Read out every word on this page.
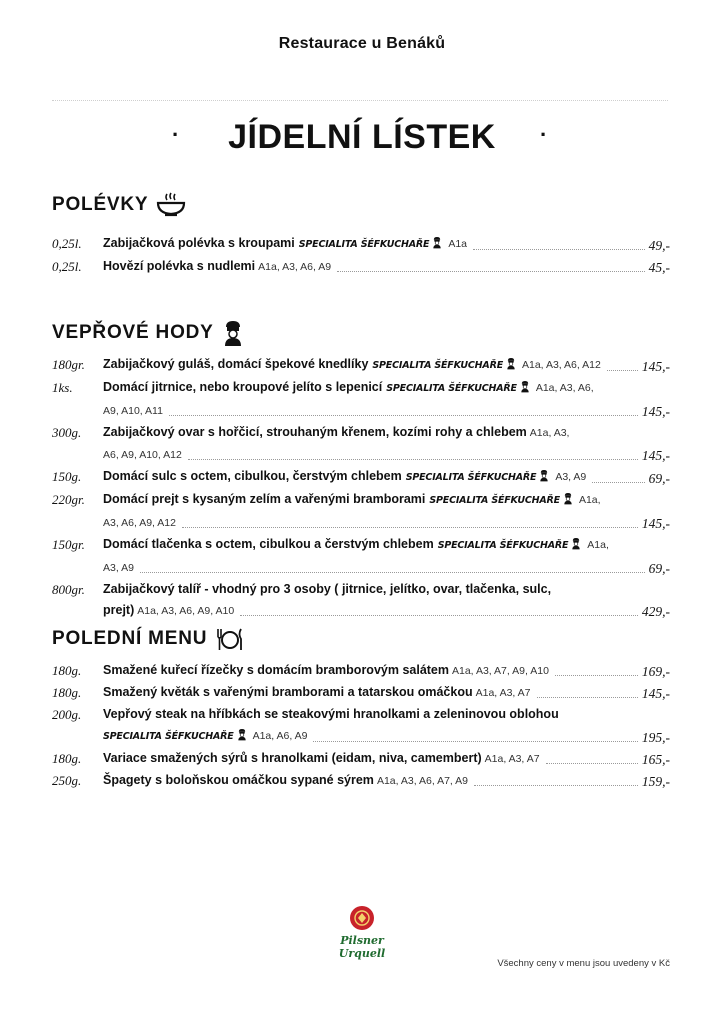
Restaurace u Benáků
·	JÍDELNÍ LÍSTEK	·
POLÉVKY
0,25l.	Zabijačková polévka s kroupami SPECIALITA ŠÉFKUCHAŘE A1a	49,-
0,25l.	Hovězí polévka s nudlemi A1a, A3, A6, A9	45,-
VEPŘOVÉ HODY
180gr.	Zabijačkový guláš, domácí špekové knedlíky SPECIALITA ŠÉFKUCHAŘE A1a, A3, A6, A12	145,-
1ks.	Domácí jitrnice, nebo kroupové jelíto s lepenicí SPECIALITA ŠÉFKUCHAŘE A1a, A3, A6,
A9, A10, A11	145,-
300g.	Zabijačkový ovar s hořčicí, strouhaným křenem, kozími rohy a chlebem A1a, A3,
A6, A9, A10, A12	145,-
150g.	Domácí sulc s octem, cibulkou, čerstvým chlebem SPECIALITA ŠÉFKUCHAŘE A3, A9	69,-
220gr.	Domácí prejt s kysaným zelím a vařenými bramborami SPECIALITA ŠÉFKUCHAŘE A1a,
A3, A6, A9, A12	145,-
150gr.	Domácí tlačenka s octem, cibulkou a čerstvým chlebem SPECIALITA ŠÉFKUCHAŘE A1a,
A3, A9	69,-
800gr.	Zabijačkový talíř - vhodný pro 3 osoby ( jitrnice, jelítko, ovar, tlačenka, sulc,
prejt) A1a, A3, A6, A9, A10	429,-
POLEDNÍ MENU
180g.	Smažené kuřecí řízečky s domácím bramborovým salátem A1a, A3, A7, A9, A10	169,-
180g.	Smažený květák s vařenými bramborami a tatarskou omáčkou A1a, A3, A7	145,-
200g.	Vepřový steak na hříbkách se steakovými hranolkami a zeleninovou oblohou
SPECIALITA ŠÉFKUCHAŘE A1a, A6, A9	195,-
180g.	Variace smažených sýrů s hranolkami (eidam, niva, camembert) A1a, A3, A7	165,-
250g.	Špagety s boloňskou omáčkou sypané sýrem A1a, A3, A6, A7, A9	159,-
Pilsner Urquell
Všechny ceny v menu jsou uvedeny v Kč
